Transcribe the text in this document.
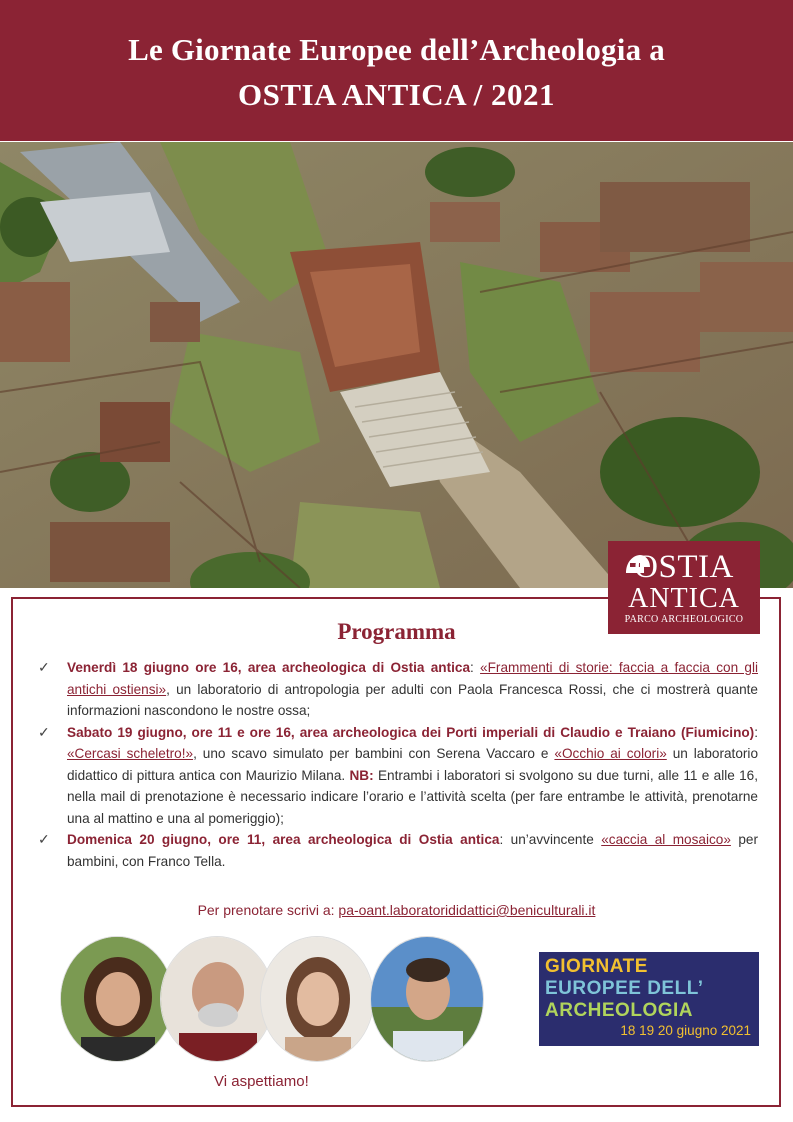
Le Giornate Europee dell’Archeologia a
OSTIA ANTICA / 2021
OSTIA
ANTICA
PARCO ARCHEOLOGICO
Programma
✓ Venerdì 18 giugno ore 16, area archeologica di Ostia antica: «Frammenti di storie: faccia a faccia con gli antichi ostiensi», un laboratorio di antropologia per adulti con Paola Francesca Rossi, che ci mostrerà quante informazioni nascondono le nostre ossa;
✓ Sabato 19 giugno, ore 11 e ore 16, area archeologica dei Porti imperiali di Claudio e Traiano (Fiumicino): «Cercasi scheletro!», uno scavo simulato per bambini con Serena Vaccaro e «Occhio ai colori» un laboratorio didattico di pittura antica con Maurizio Milana. NB: Entrambi i laboratori si svolgono su due turni, alle 11 e alle 16, nella mail di prenotazione è necessario indicare l’orario e l’attività scelta (per fare entrambe le attività, prenotarne una al mattino e una al pomeriggio);
✓ Domenica 20 giugno, ore 11, area archeologica di Ostia antica: un’avvincente «caccia al mosaico» per bambini, con Franco Tella.
Per prenotare scrivi a: pa-oant.laboratorididattici@beniculturali.it
Vi aspettiamo!
GIORNATE
EUROPEE DELL’
ARCHEOLOGIA
18 19 20 giugno 2021
